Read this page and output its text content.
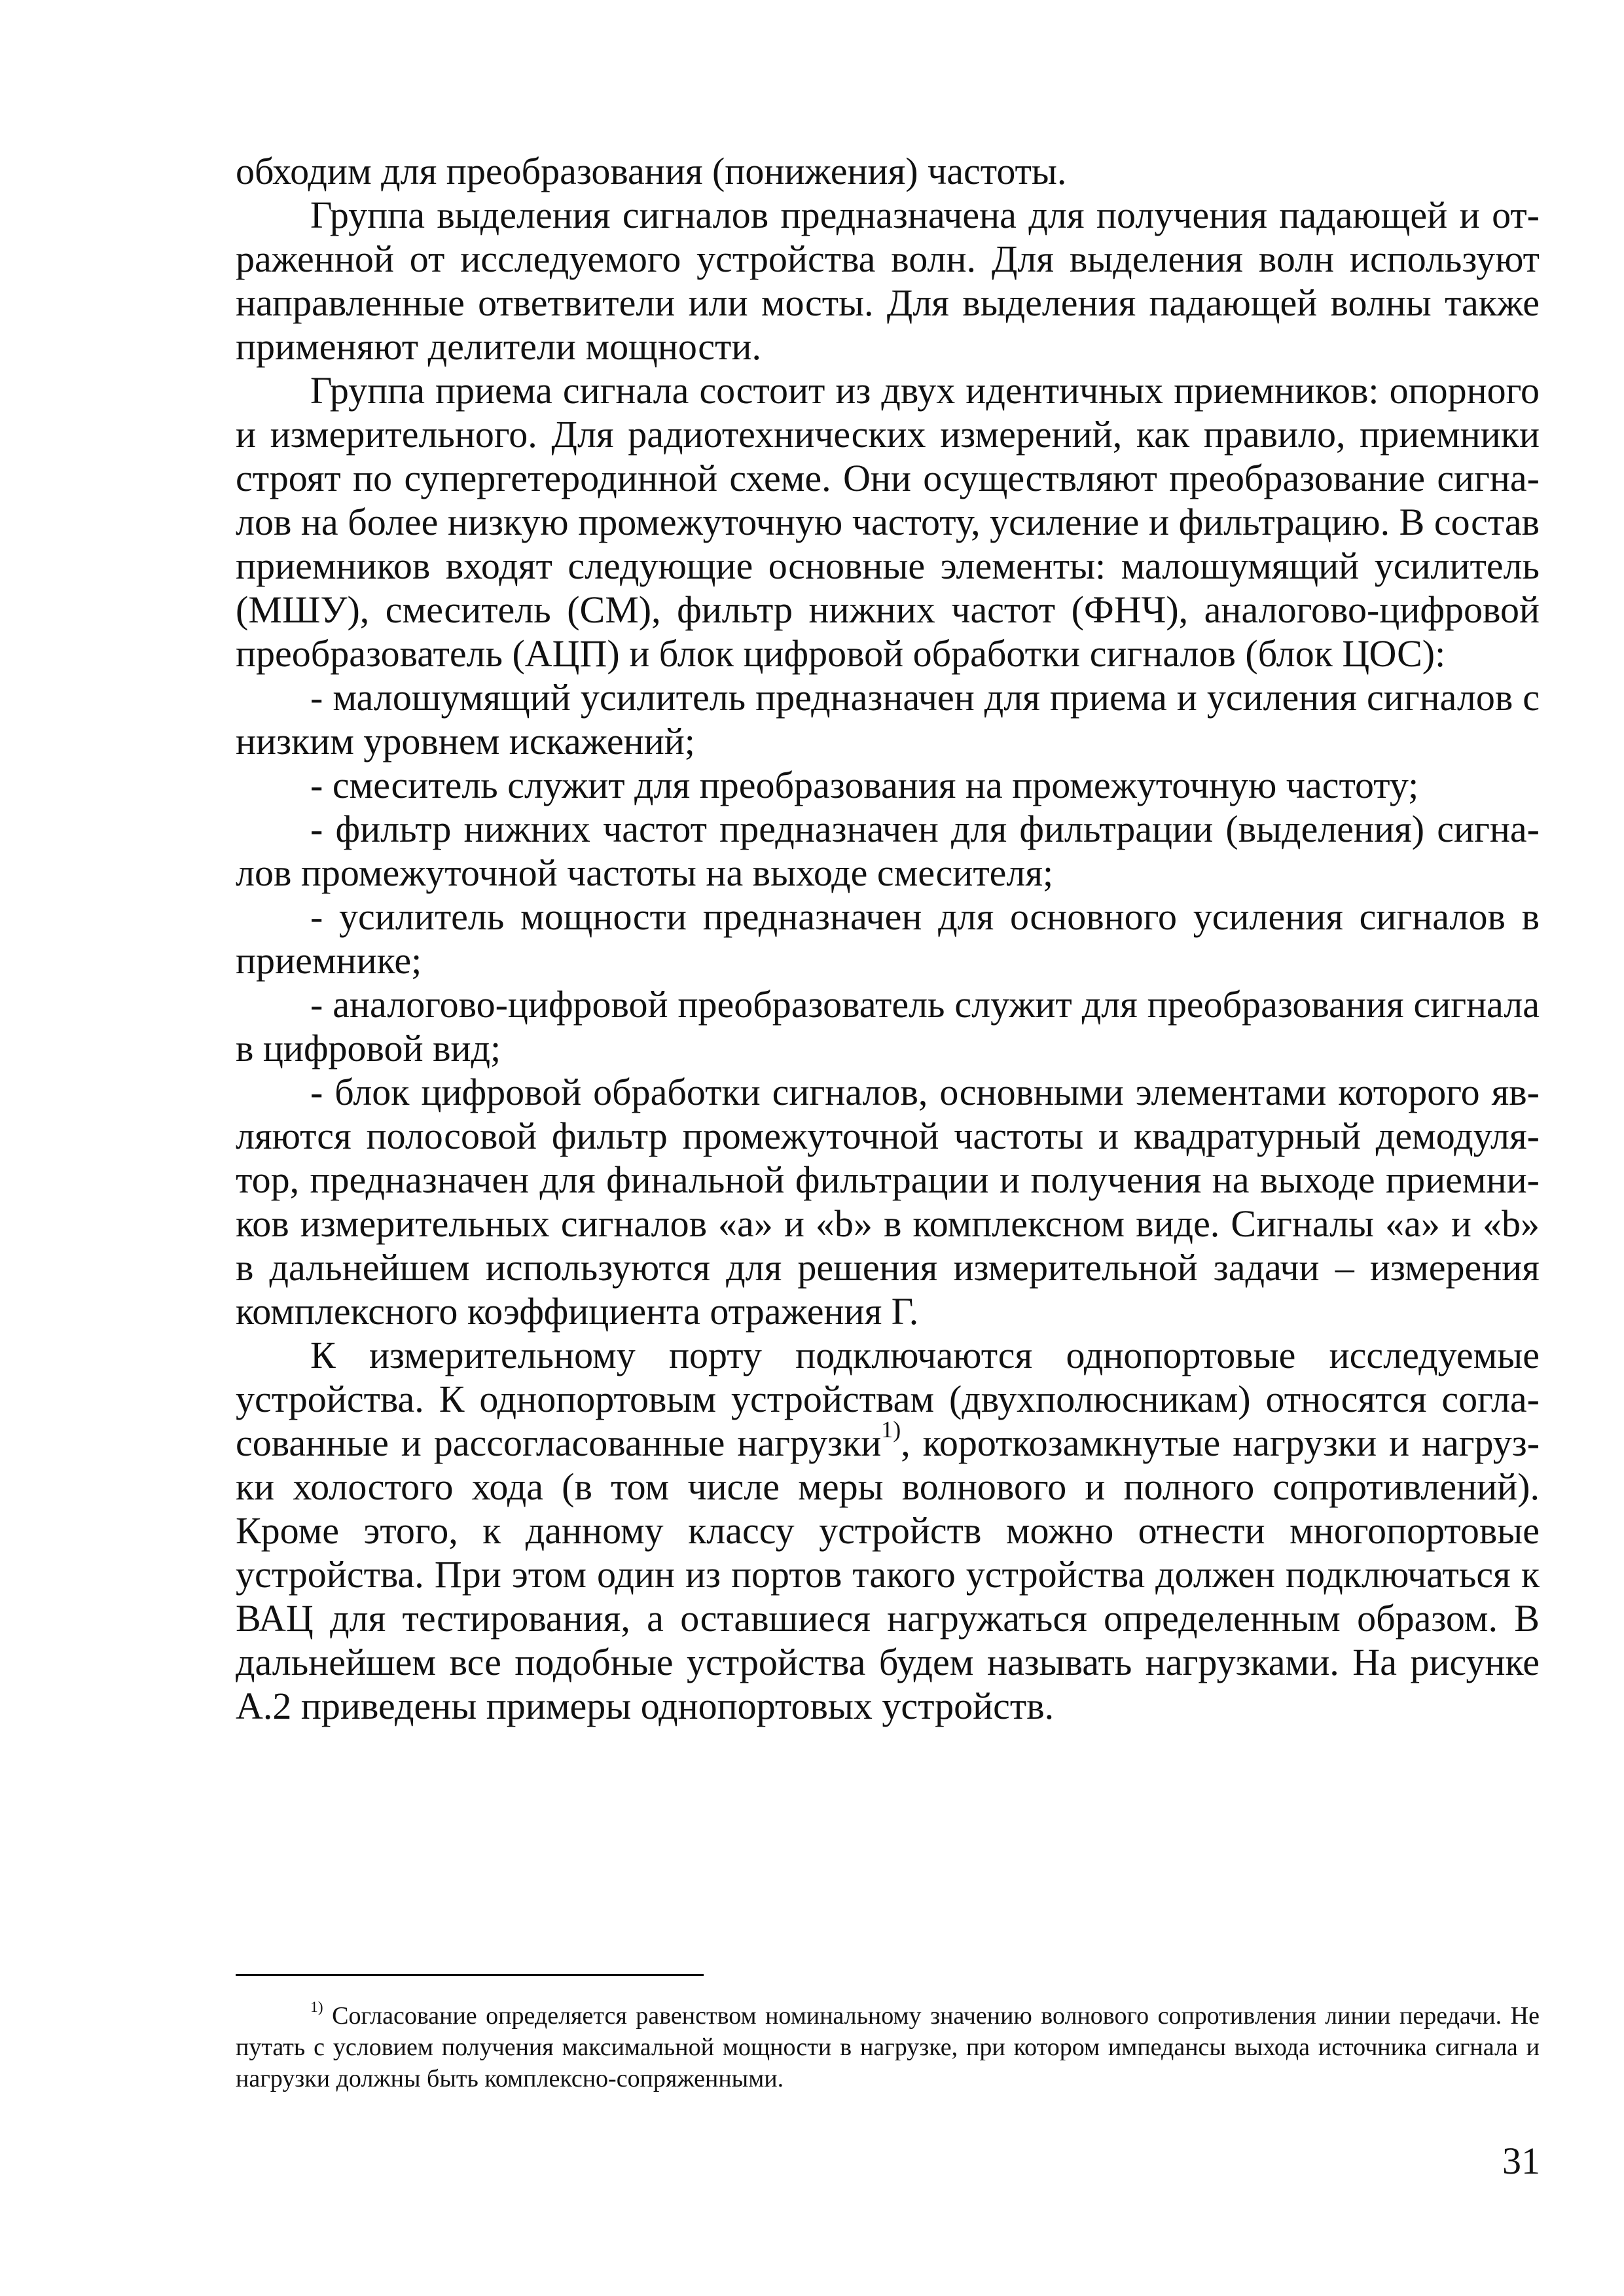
обходим для преобразования (понижения) частоты.

Группа выделения сигналов предназначена для получения падающей и отраженной от исследуемого устройства волн. Для выделения волн используют направленные ответвители или мосты. Для выделения падающей волны также применяют делители мощности.

Группа приема сигнала состоит из двух идентичных приемников: опорного и измерительного. Для радиотехнических измерений, как правило, приемники строят по супергетеродинной схеме. Они осуществляют преобразование сигналов на более низкую промежуточную частоту, усиление и фильтрацию. В состав приемников входят следующие основные элементы: малошумящий усилитель (МШУ), смеситель (СМ), фильтр нижних частот (ФНЧ), аналогово-цифровой преобразователь (АЦП) и блок цифровой обработки сигналов (блок ЦОС):

- малошумящий усилитель предназначен для приема и усиления сигналов с низким уровнем искажений;

- смеситель служит для преобразования на промежуточную частоту;

- фильтр нижних частот предназначен для фильтрации (выделения) сигналов промежуточной частоты на выходе смесителя;

- усилитель мощности предназначен для основного усиления сигналов в приемнике;

- аналогово-цифровой преобразователь служит для преобразования сигнала в цифровой вид;

- блок цифровой обработки сигналов, основными элементами которого являются полосовой фильтр промежуточной частоты и квадратурный демодулятор, предназначен для финальной фильтрации и получения на выходе приемников измерительных сигналов «a» и «b» в комплексном виде. Сигналы «a» и «b» в дальнейшем используются для решения измерительной задачи – измерения комплексного коэффициента отражения Г.

К измерительному порту подключаются однопортовые исследуемые устройства. К однопортовым устройствам (двухполюсникам) относятся согласованные и рассогласованные нагрузки$^{1)}$, короткозамкнутые нагрузки и нагрузки холостого хода (в том числе меры волнового и полного сопротивлений). Кроме этого, к данному классу устройств можно отнести многопортовые устройства. При этом один из портов такого устройства должен подключаться к ВАЦ для тестирования, а оставшиеся нагружаться определенным образом. В дальнейшем все подобные устройства будем называть нагрузками. На рисунке А.2 приведены примеры однопортовых устройств.

$^{1)}$ Согласование определяется равенством номинальному значению волнового сопротивления линии передачи. Не путать с условием получения максимальной мощности в нагрузке, при котором импедансы выхода источника сигнала и нагрузки должны быть комплексно-сопряженными.

31
